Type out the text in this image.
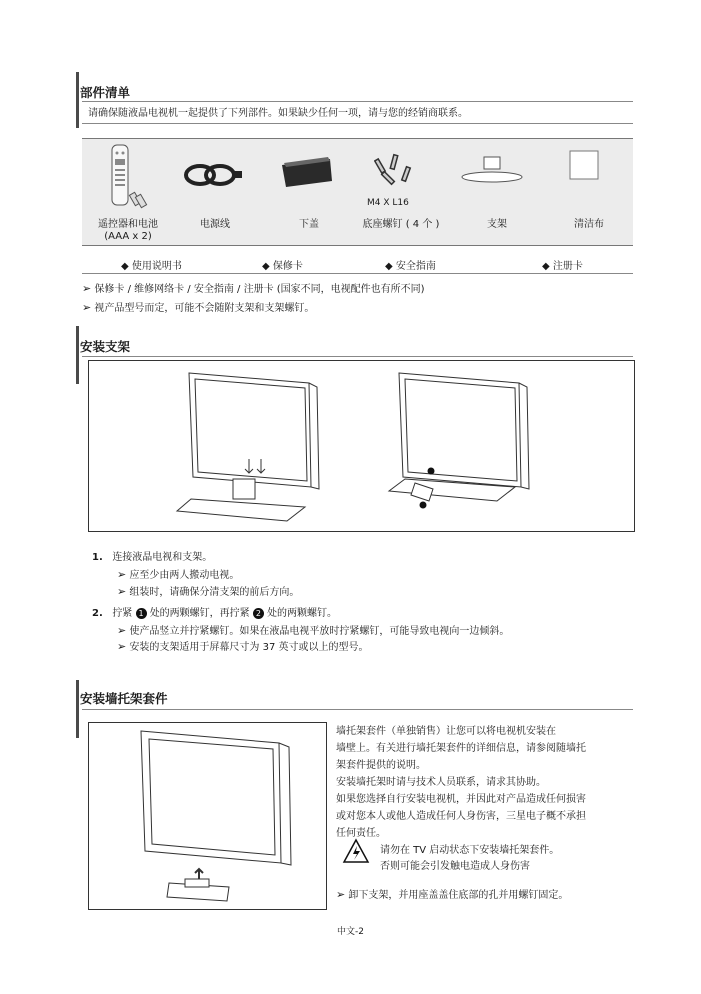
部件清单
请确保随液晶电视机一起提供了下列部件。如果缺少任何一项，请与您的经销商联系。
M4 X L16
遥控器和电池
(AAA x 2)
电源线	下盖	底座螺钉 ( 4 个 )	支架	清洁布
◆ 使用说明书	◆ 保修卡	◆ 安全指南	◆ 注册卡
➢ 保修卡 / 维修网络卡 / 安全指南 / 注册卡 (国家不同，电视配件也有所不同)
➢ 视产品型号而定，可能不会随附支架和支架螺钉。
安装支架
1. 连接液晶电视和支架。
➢ 应至少由两人搬动电视。
➢ 组装时，请确保分清支架的前后方向。
2. 拧紧 1 处的两颗螺钉，再拧紧 2 处的两颗螺钉。
➢ 使产品竖立并拧紧螺钉。如果在液晶电视平放时拧紧螺钉，可能导致电视向一边倾斜。
➢ 安装的支架适用于屏幕尺寸为 37 英寸或以上的型号。
安装墙托架套件
墙托架套件（单独销售）让您可以将电视机安装在
墙壁上。有关进行墙托架套件的详细信息，请参阅随墙托
架套件提供的说明。
安装墙托架时请与技术人员联系，请求其协助。
如果您选择自行安装电视机，并因此对产品造成任何损害
或对您本人或他人造成任何人身伤害，三星电子概不承担
任何责任。
请勿在 TV 启动状态下安装墙托架套件。
否则可能会引发触电造成人身伤害
➢ 卸下支架，并用座盖盖住底部的孔并用螺钉固定。
中文-2
